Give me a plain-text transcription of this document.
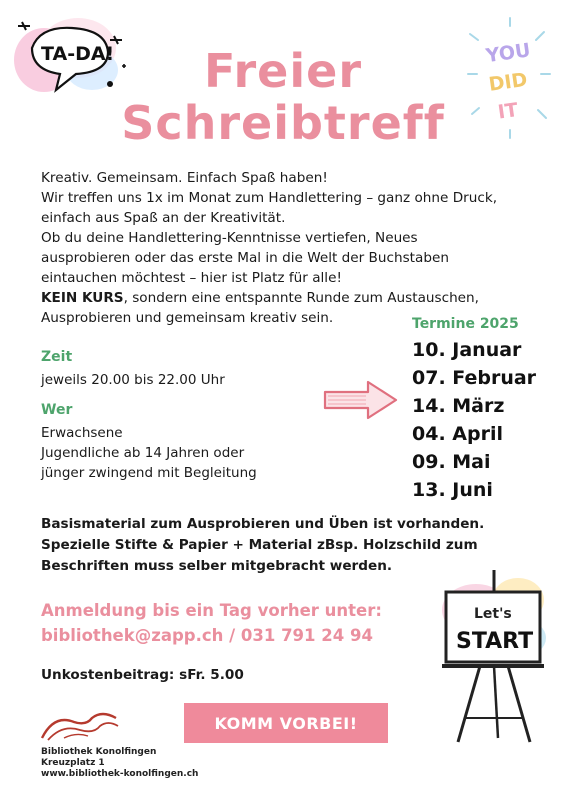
TA-DA!	YOU
DID
IT
Freier
Schreibtreff

Kreativ. Gemeinsam. Einfach Spaß haben!

Wir treffen uns 1x im Monat zum Handlettering – ganz ohne Druck,

einfach aus Spaß an der Kreativität.

Ob du deine Handlettering-Kenntnisse vertiefen, Neues

ausprobieren oder das erste Mal in die Welt der Buchstaben

eintauchen möchtest – hier ist Platz für alle!

KEIN KURS, sondern eine entspannte Runde zum Austauschen,

Ausprobieren und gemeinsam kreativ sein.

Zeit
jeweils 20.00 bis 22.00 Uhr
Wer
Erwachsene
Jugendliche ab 14 Jahren oder
jünger zwingend mit Begleitung
Termine 2025
10. Januar
07. Februar
14. März
04. April
09. Mai
13. Juni
Basismaterial zum Ausprobieren und Üben ist vorhanden.
Spezielle Stifte & Papier + Material zBsp. Holzschild zum
Beschriften muss selber mitgebracht werden.
Anmeldung bis ein Tag vorher unter:
bibliothek@zapp.ch / 031 791 24 94
Unkostenbeitrag: sFr. 5.00
Let's
START
KOMM VORBEI!
Bibliothek Konolfingen
Kreuzplatz 1
www.bibliothek-konolfingen.ch
